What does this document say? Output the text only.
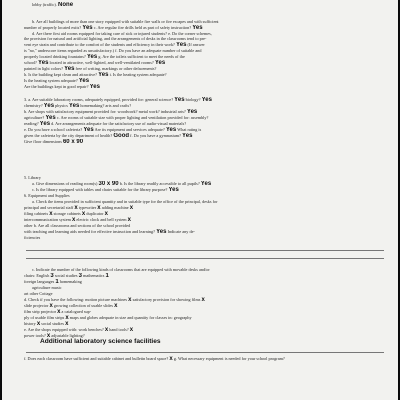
lobby (traffic). None
b. Are all buildings of more than one story equipped with suitable fire walls or fire escapes and with sufficient
number of properly located exits? Yes c. Are regular fire drills held as part of safety instruction? Yes
d. Are there first aid rooms equipped for taking care of sick or injured students? e. Do the corner schemes,
the provision for natural and artificial lighting, and the arrangements of desks in the classrooms tend to pre-
vent eye strain and contribute to the comfort of the students and efficiency in their work? Yes (If answer
is "no," underscore items regarded as unsatisfactory.) f. Do you have an adequate number of suitable and
properly located drinking fountains? Yes g. Are the toilets sufficient to meet the needs of the
school? Yes located in attractive, well-lighted, and well-ventilated rooms? Yes
painted in light colors? Yes free of writing, markings or other defacements?
h. Is the building kept clean and attractive? Yes i. Is the heating system adequate?
Is the heating system adequate? Yes
Are the buildings kept in good repair? Yes
3. a. Are suitable laboratory rooms, adequately equipped, provided for: general science? Yes biology? Yes
chemistry? Yes physics Yes homemaking? arts and crafts?
b. Are shops with satisfactory equipment provided for: woodwork? metal work? industrial arts? Yes
agriculture? Yes c. Are rooms of suitable size with proper lighting and ventilation provided for: assembly?
reading? Yes d. Are arrangements adequate for the satisfactory use of audio-visual materials?
e. Do you have a school cafeteria? Yes Are its equipment and services adequate? Yes What rating is
given the cafeteria by the city department of health? Good f. Do you have a gymnasium? Yes
Give floor dimensions 60 x 90
5. Library
a. Give dimensions of reading room(s) 30 x 90 b. Is the library readily accessible to all pupils? Yes
c. Is the library equipped with tables and chairs suitable for the library purpose? Yes
6. Equipment and Supplies
a. Check the items provided in sufficient quantity and in suitable type for the office of the principal, desks for
principal and secretarial staff x typewriter x adding machine x
filing cabinets x storage cabinets x duplicator x
intercommunication system x electric clock and bell system x
other b. Are all classrooms and sections of the school provided
with teaching and learning aids needed for effective instruction and learning? Yes Indicate any de-
ficiencies
c. Indicate the number of the following kinds of classrooms that are equipped with movable desks and/or
chairs: English 3 social studies 3 mathematics 1
foreign languages 1 homemaking
agriculture music
art other Cottage
d. Check if you have the following: motion picture machines x satisfactory provision for showing films x
slide projector x growing collection of usable slides x
film strip projector x a catalogued sup-
ply of usable film strips x maps and globes adequate in size and quantity for classes in: geography
history x social studies x
e. Are the shops equipped with: work benches? x hand tools? x
power tools? x adjustable lighting?
Additional laboratory science facilities
f. Does each classroom have sufficient and suitable cabinet and bulletin board space? x g. What necessary equipment is needed for your school program?
